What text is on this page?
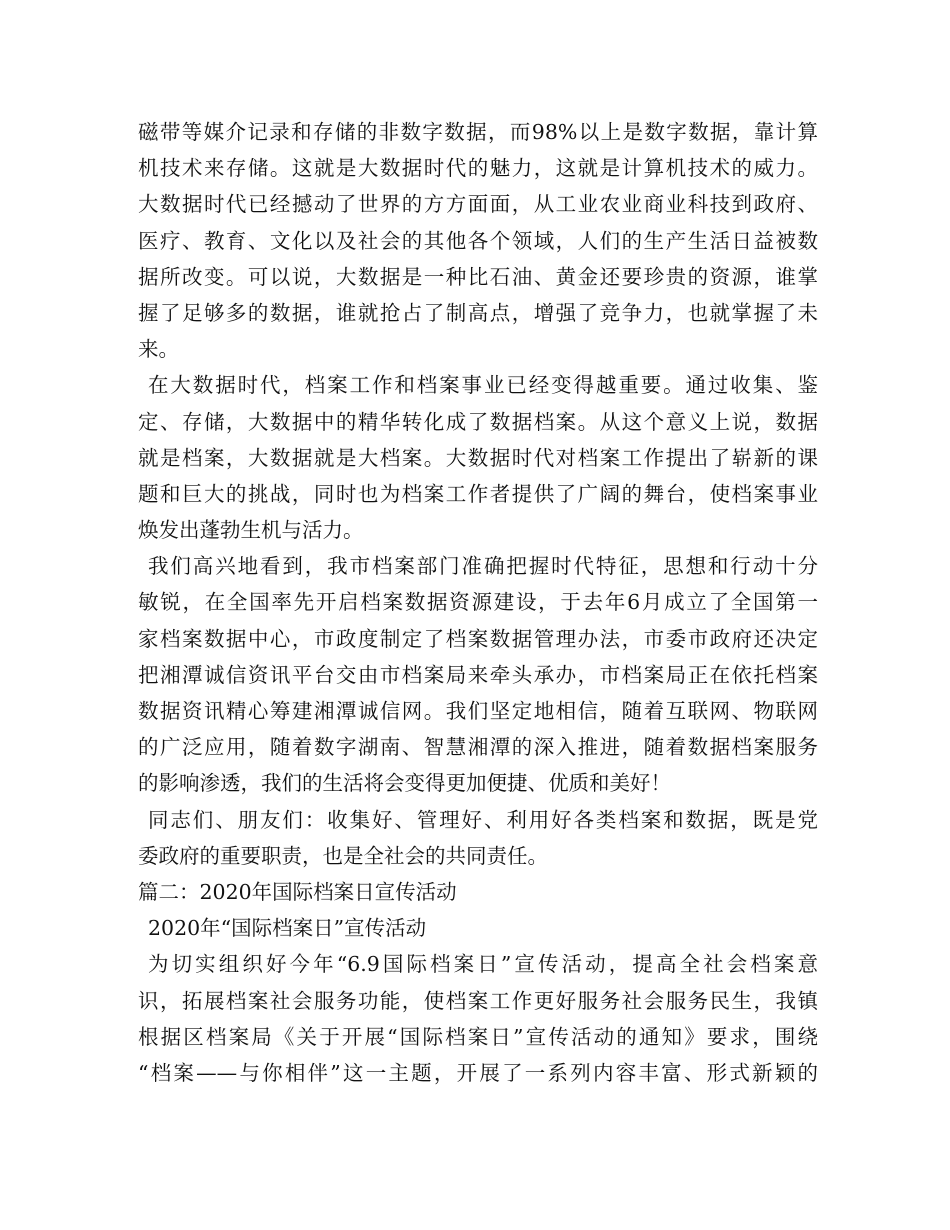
磁带等媒介记录和存储的非数字数据，而98%以上是数字数据，靠计算
机技术来存储。这就是大数据时代的魅力，这就是计算机技术的威力。
大数据时代已经撼动了世界的方方面面，从工业农业商业科技到政府、
医疗、教育、文化以及社会的其他各个领域，人们的生产生活日益被数
据所改变。可以说，大数据是一种比石油、黄金还要珍贵的资源，谁掌
握了足够多的数据，谁就抢占了制高点，增强了竞争力，也就掌握了未
来。
在大数据时代，档案工作和档案事业已经变得越重要。通过收集、鉴
定、存储，大数据中的精华转化成了数据档案。从这个意义上说，数据
就是档案，大数据就是大档案。大数据时代对档案工作提出了崭新的课
题和巨大的挑战，同时也为档案工作者提供了广阔的舞台，使档案事业
焕发出蓬勃生机与活力。
我们高兴地看到，我市档案部门准确把握时代特征，思想和行动十分
敏锐，在全国率先开启档案数据资源建设，于去年6月成立了全国第一
家档案数据中心，市政度制定了档案数据管理办法，市委市政府还决定
把湘潭诚信资讯平台交由市档案局来牵头承办，市档案局正在依托档案
数据资讯精心筹建湘潭诚信网。我们坚定地相信，随着互联网、物联网
的广泛应用，随着数字湖南、智慧湘潭的深入推进，随着数据档案服务
的影响渗透，我们的生活将会变得更加便捷、优质和美好！
同志们、朋友们：收集好、管理好、利用好各类档案和数据，既是党
委政府的重要职责，也是全社会的共同责任。
篇二：2020年国际档案日宣传活动
2020年“国际档案日”宣传活动
为切实组织好今年“6.9国际档案日”宣传活动，提高全社会档案意
识，拓展档案社会服务功能，使档案工作更好服务社会服务民生，我镇
根据区档案局《关于开展“国际档案日”宣传活动的通知》要求，围绕
“档案——与你相伴”这一主题，开展了一系列内容丰富、形式新颖的
